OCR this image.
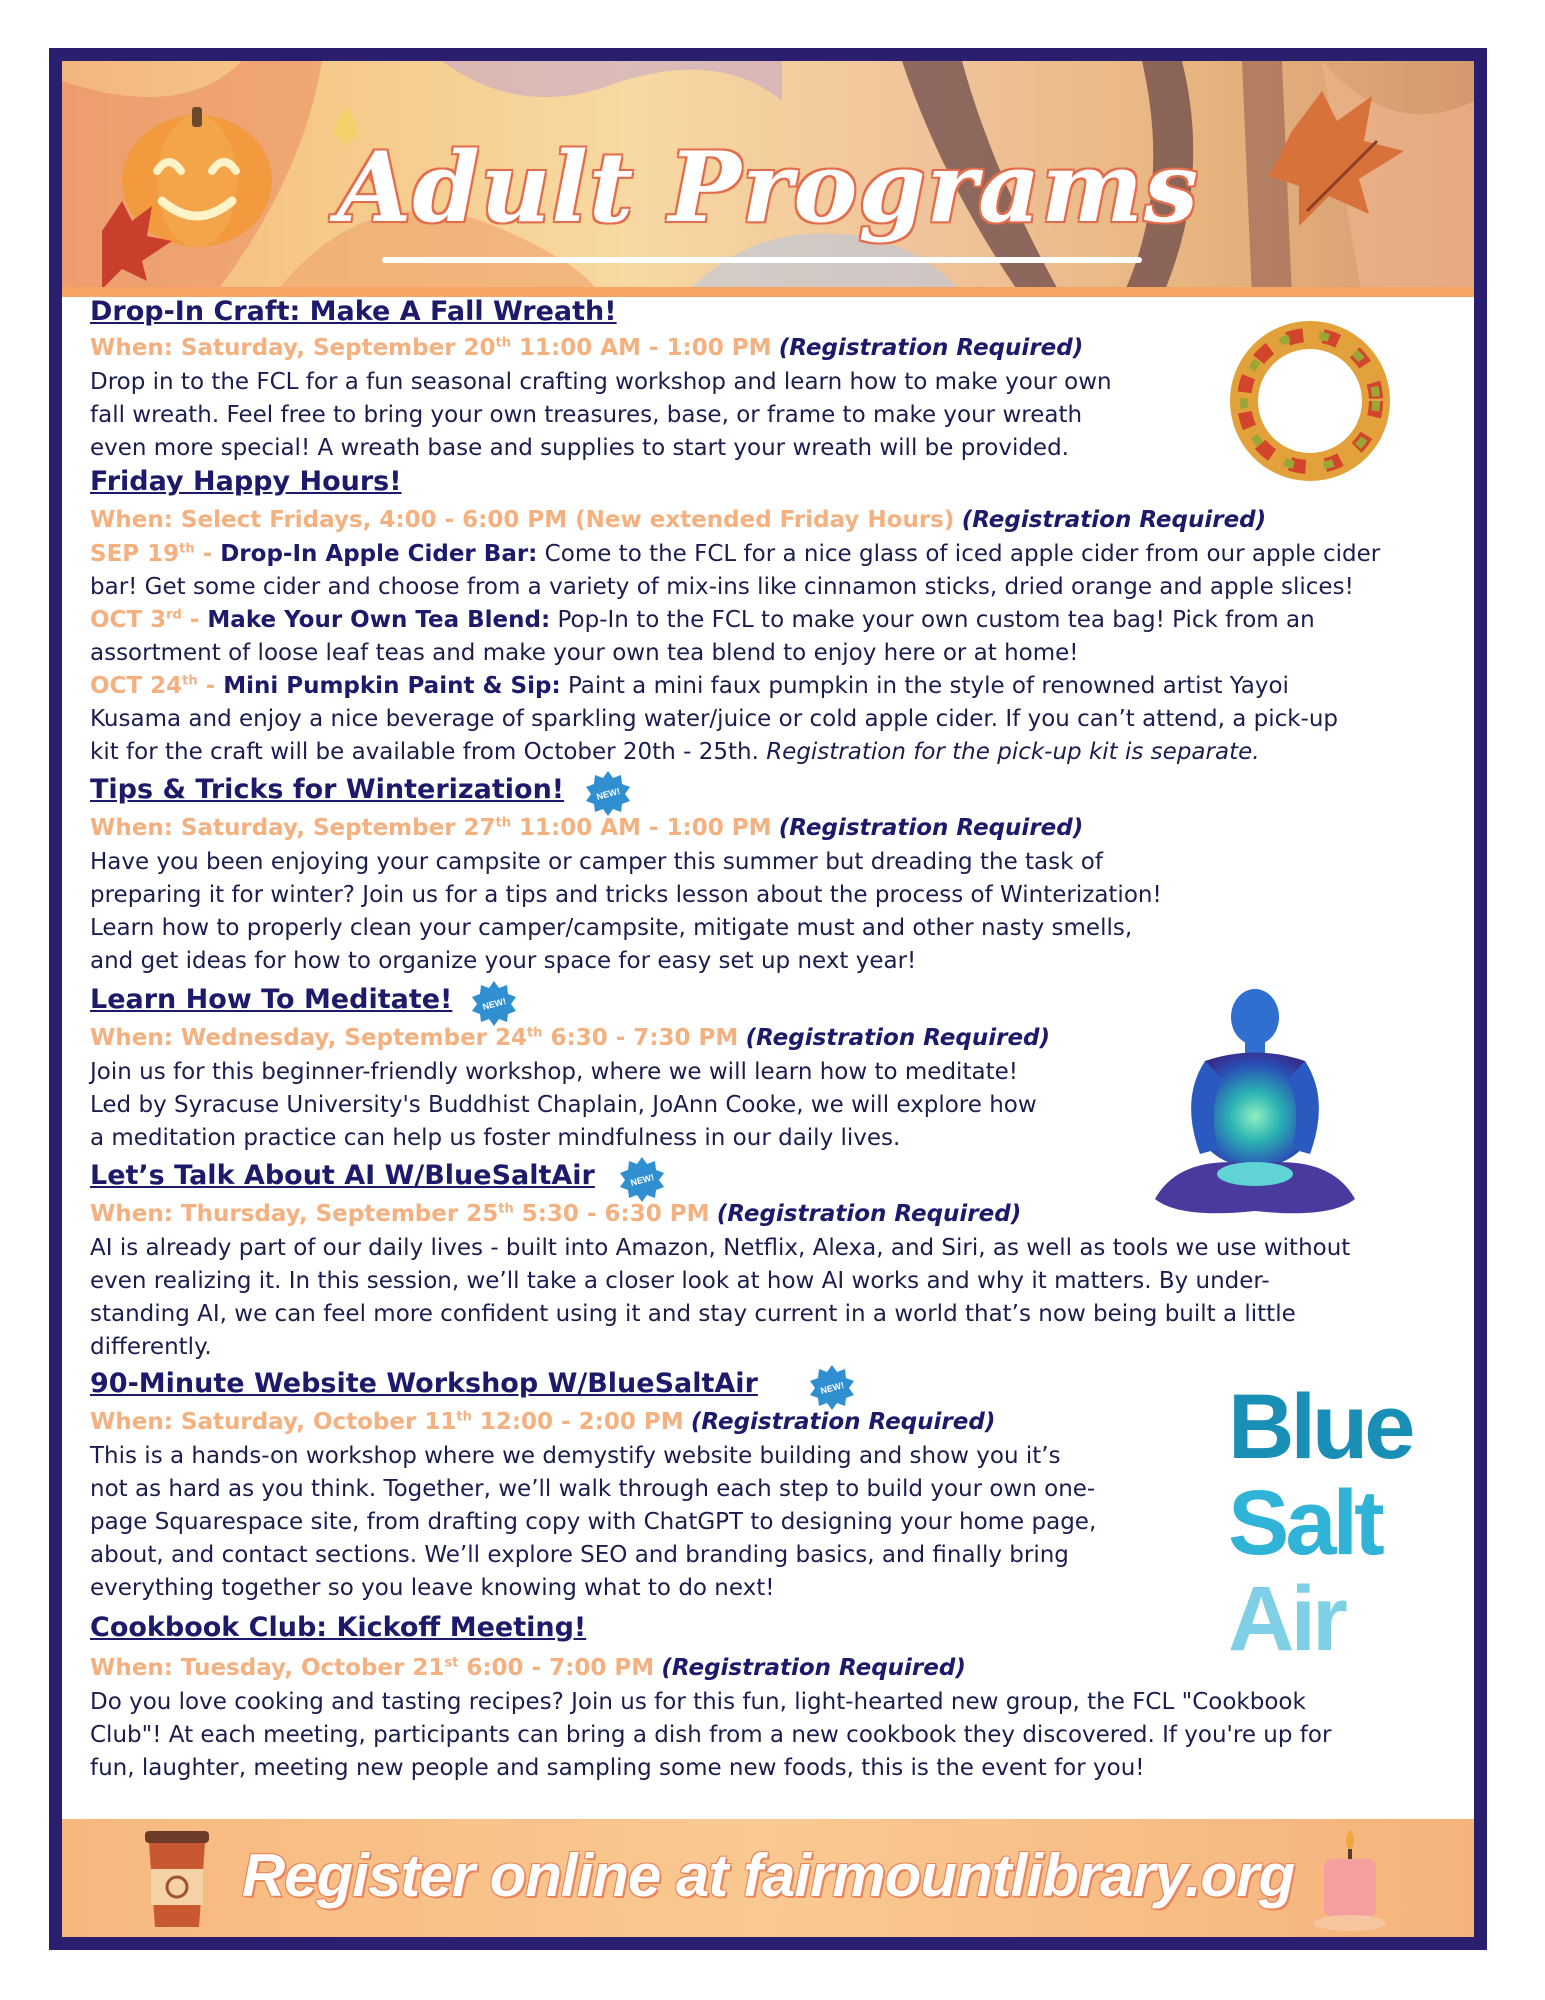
Adult Programs
Drop-In Craft: Make A Fall Wreath!
When: Saturday, September 20th 11:00 AM - 1:00 PM (Registration Required)
Drop in to the FCL for a fun seasonal crafting workshop and learn how to make your own
fall wreath. Feel free to bring your own treasures, base, or frame to make your wreath
even more special! A wreath base and supplies to start your wreath will be provided.
Friday Happy Hours!
When: Select Fridays, 4:00 - 6:00 PM (New extended Friday Hours) (Registration Required)
SEP 19th - Drop-In Apple Cider Bar: Come to the FCL for a nice glass of iced apple cider from our apple cider
bar! Get some cider and choose from a variety of mix-ins like cinnamon sticks, dried orange and apple slices!
OCT 3rd - Make Your Own Tea Blend: Pop-In to the FCL to make your own custom tea bag! Pick from an
assortment of loose leaf teas and make your own tea blend to enjoy here or at home!
OCT 24th - Mini Pumpkin Paint & Sip: Paint a mini faux pumpkin in the style of renowned artist Yayoi
Kusama and enjoy a nice beverage of sparkling water/juice or cold apple cider. If you can’t attend, a pick-up
kit for the craft will be available from October 20th - 25th. Registration for the pick-up kit is separate.
Tips & Tricks for Winterization!	NEW!
When: Saturday, September 27th 11:00 AM - 1:00 PM (Registration Required)
Have you been enjoying your campsite or camper this summer but dreading the task of
preparing it for winter? Join us for a tips and tricks lesson about the process of Winterization!
Learn how to properly clean your camper/campsite, mitigate must and other nasty smells,
and get ideas for how to organize your space for easy set up next year!
Learn How To Meditate!	NEW!
When: Wednesday, September 24th 6:30 - 7:30 PM (Registration Required)
Join us for this beginner-friendly workshop, where we will learn how to meditate!
Led by Syracuse University's Buddhist Chaplain, JoAnn Cooke, we will explore how
a meditation practice can help us foster mindfulness in our daily lives.
Let’s Talk About AI W/BlueSaltAir	NEW!
When: Thursday, September 25th 5:30 - 6:30 PM (Registration Required)
AI is already part of our daily lives - built into Amazon, Netflix, Alexa, and Siri, as well as tools we use without
even realizing it. In this session, we’ll take a closer look at how AI works and why it matters. By under-
standing AI, we can feel more confident using it and stay current in a world that’s now being built a little
differently.
90-Minute Website Workshop W/BlueSaltAir	NEW!
When: Saturday, October 11th 12:00 - 2:00 PM (Registration Required)
This is a hands-on workshop where we demystify website building and show you it’s
not as hard as you think. Together, we’ll walk through each step to build your own one-
page Squarespace site, from drafting copy with ChatGPT to designing your home page,
about, and contact sections. We’ll explore SEO and branding basics, and finally bring
everything together so you leave knowing what to do next!
Blue
Salt
Air
Cookbook Club: Kickoff Meeting!
When: Tuesday, October 21st 6:00 - 7:00 PM (Registration Required)
Do you love cooking and tasting recipes? Join us for this fun, light-hearted new group, the FCL "Cookbook
Club"! At each meeting, participants can bring a dish from a new cookbook they discovered. If you're up for
fun, laughter, meeting new people and sampling some new foods, this is the event for you!
Register online at fairmountlibrary.org
